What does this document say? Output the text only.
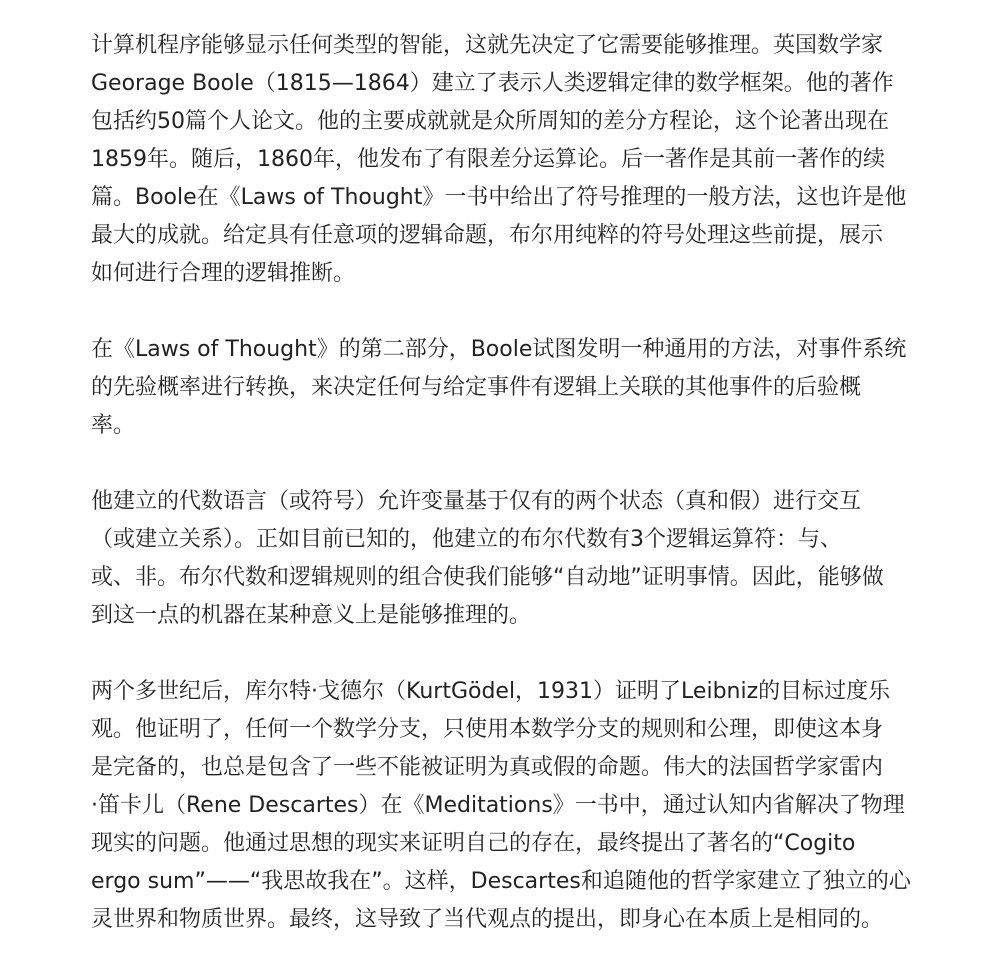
计算机程序能够显示任何类型的智能，这就先决定了它需要能够推理。英国数学家
Georage Boole（1815—1864）建立了表示人类逻辑定律的数学框架。他的著作
包括约50篇个人论文。他的主要成就就是众所周知的差分方程论，这个论著出现在
1859年。随后，1860年，他发布了有限差分运算论。后一著作是其前一著作的续
篇。Boole在《Laws of Thought》一书中给出了符号推理的一般方法，这也许是他
最大的成就。给定具有任意项的逻辑命题，布尔用纯粹的符号处理这些前提，展示
如何进行合理的逻辑推断。

在《Laws of Thought》的第二部分，Boole试图发明一种通用的方法，对事件系统
的先验概率进行转换，来决定任何与给定事件有逻辑上关联的其他事件的后验概
率。

他建立的代数语言（或符号）允许变量基于仅有的两个状态（真和假）进行交互
（或建立关系）。正如目前已知的，他建立的布尔代数有3个逻辑运算符：与、
或、非。布尔代数和逻辑规则的组合使我们能够“自动地”证明事情。因此，能够做
到这一点的机器在某种意义上是能够推理的。

两个多世纪后，库尔特·戈德尔（KurtGödel，1931）证明了Leibniz的目标过度乐
观。他证明了，任何一个数学分支，只使用本数学分支的规则和公理，即使这本身
是完备的，也总是包含了一些不能被证明为真或假的命题。伟大的法国哲学家雷内
·笛卡儿（Rene Descartes）在《Meditations》一书中，通过认知内省解决了物理
现实的问题。他通过思想的现实来证明自己的存在，最终提出了著名的“Cogito
ergo sum”——“我思故我在”。这样，Descartes和追随他的哲学家建立了独立的心
灵世界和物质世界。最终，这导致了当代观点的提出，即身心在本质上是相同的。
